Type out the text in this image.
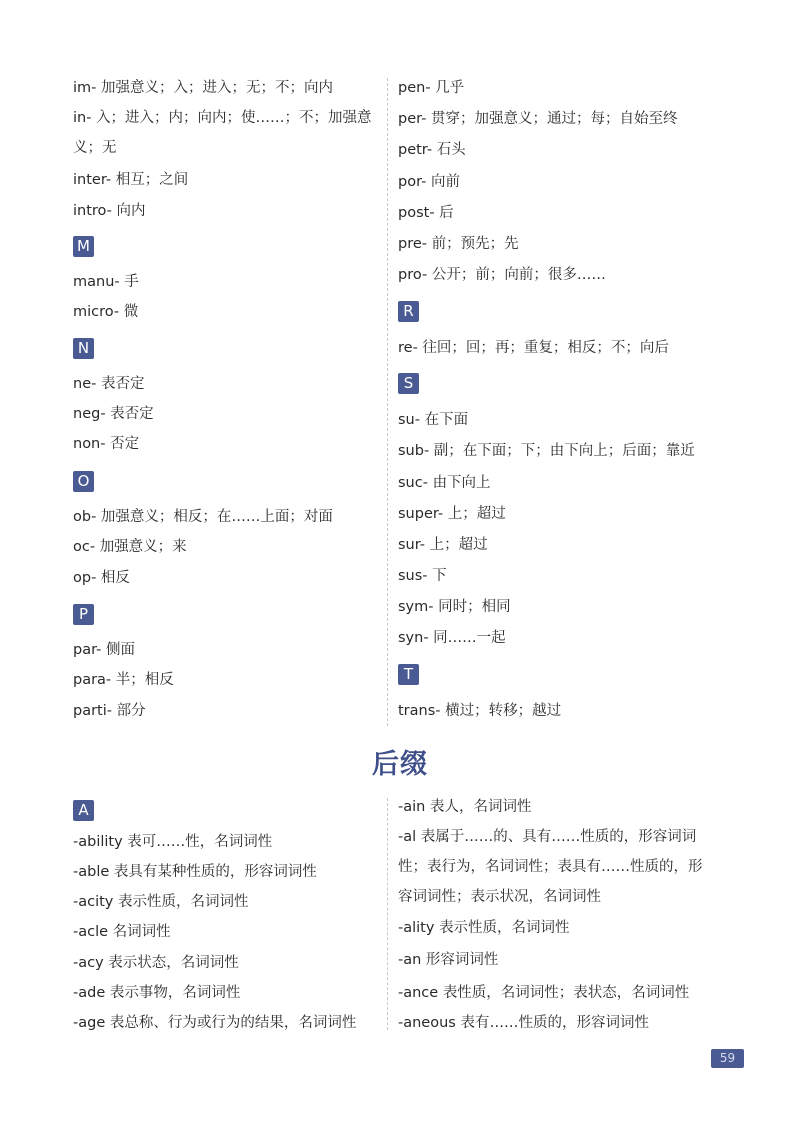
im- 加强意义；入；进入；无；不；向内
in- 入；进入；内；向内；使……；不；加强意义；无
inter- 相互；之间
intro- 向内
M
manu- 手
micro- 微
N
ne- 表否定
neg- 表否定
non- 否定
O
ob- 加强意义；相反；在……上面；对面
oc- 加强意义；来
op- 相反
P
par- 侧面
para- 半；相反
parti- 部分
pen- 几乎
per- 贯穿；加强意义；通过；每；自始至终
petr- 石头
por- 向前
post- 后
pre- 前；预先；先
pro- 公开；前；向前；很多……
R
re- 往回；回；再；重复；相反；不；向后
S
su- 在下面
sub- 副；在下面；下；由下向上；后面；靠近
suc- 由下向上
super- 上；超过
sur- 上；超过
sus- 下
sym- 同时；相同
syn- 同……一起
T
trans- 横过；转移；越过
后缀
A
-ability 表可……性，名词词性
-able 表具有某种性质的，形容词词性
-acity 表示性质，名词词性
-acle 名词词性
-acy 表示状态，名词词性
-ade 表示事物，名词词性
-age 表总称、行为或行为的结果，名词词性
-ain 表人，名词词性
-al 表属于……的、具有……性质的，形容词词性；表行为，名词词性；表具有……性质的，形容词词性；表示状况，名词词性
-ality 表示性质，名词词性
-an 形容词词性
-ance 表性质，名词词性；表状态，名词词性
-aneous 表有……性质的，形容词词性
59
